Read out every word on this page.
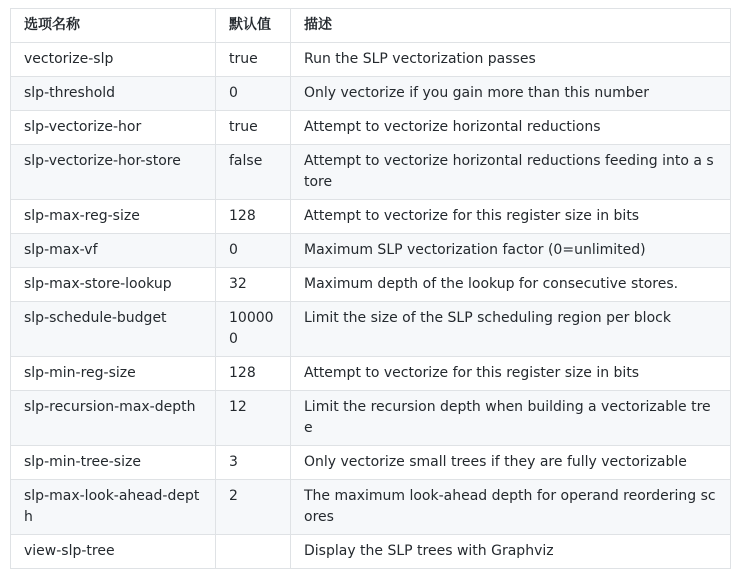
选项名称	默认值	描述
vectorize-slp	true	Run the SLP vectorization passes
slp-threshold	0	Only vectorize if you gain more than this number
slp-vectorize-hor	true	Attempt to vectorize horizontal reductions
slp-vectorize-hor-store	false	Attempt to vectorize horizontal reductions feeding into a store
slp-max-reg-size	128	Attempt to vectorize for this register size in bits
slp-max-vf	0	Maximum SLP vectorization factor (0=unlimited)
slp-max-store-lookup	32	Maximum depth of the lookup for consecutive stores.
slp-schedule-budget	100000	Limit the size of the SLP scheduling region per block
slp-min-reg-size	128	Attempt to vectorize for this register size in bits
slp-recursion-max-depth	12	Limit the recursion depth when building a vectorizable tree
slp-min-tree-size	3	Only vectorize small trees if they are fully vectorizable
slp-max-look-ahead-depth	2	The maximum look-ahead depth for operand reordering scores
view-slp-tree		Display the SLP trees with Graphviz
